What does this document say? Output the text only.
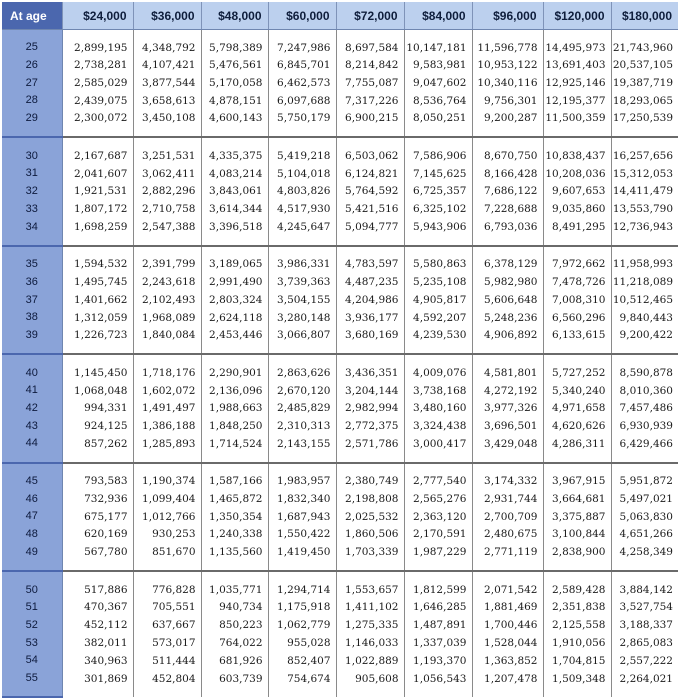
At age	$24,000	$36,000	$48,000	$60,000	$72,000	$84,000	$96,000	$120,000	$180,000
25	2,899,195	4,348,792	5,798,389	7,247,986	8,697,584	10,147,181	11,596,778	14,495,973	21,743,960
26	2,738,281	4,107,421	5,476,561	6,845,701	8,214,842	9,583,981	10,953,122	13,691,403	20,537,105
27	2,585,029	3,877,544	5,170,058	6,462,573	7,755,087	9,047,602	10,340,116	12,925,146	19,387,719
28	2,439,075	3,658,613	4,878,151	6,097,688	7,317,226	8,536,764	9,756,301	12,195,377	18,293,065
29	2,300,072	3,450,108	4,600,143	5,750,179	6,900,215	8,050,251	9,200,287	11,500,359	17,250,539
30	2,167,687	3,251,531	4,335,375	5,419,218	6,503,062	7,586,906	8,670,750	10,838,437	16,257,656
31	2,041,607	3,062,411	4,083,214	5,104,018	6,124,821	7,145,625	8,166,428	10,208,036	15,312,053
32	1,921,531	2,882,296	3,843,061	4,803,826	5,764,592	6,725,357	7,686,122	9,607,653	14,411,479
33	1,807,172	2,710,758	3,614,344	4,517,930	5,421,516	6,325,102	7,228,688	9,035,860	13,553,790
34	1,698,259	2,547,388	3,396,518	4,245,647	5,094,777	5,943,906	6,793,036	8,491,295	12,736,943
35	1,594,532	2,391,799	3,189,065	3,986,331	4,783,597	5,580,863	6,378,129	7,972,662	11,958,993
36	1,495,745	2,243,618	2,991,490	3,739,363	4,487,235	5,235,108	5,982,980	7,478,726	11,218,089
37	1,401,662	2,102,493	2,803,324	3,504,155	4,204,986	4,905,817	5,606,648	7,008,310	10,512,465
38	1,312,059	1,968,089	2,624,118	3,280,148	3,936,177	4,592,207	5,248,236	6,560,296	9,840,443
39	1,226,723	1,840,084	2,453,446	3,066,807	3,680,169	4,239,530	4,906,892	6,133,615	9,200,422
40	1,145,450	1,718,176	2,290,901	2,863,626	3,436,351	4,009,076	4,581,801	5,727,252	8,590,878
41	1,068,048	1,602,072	2,136,096	2,670,120	3,204,144	3,738,168	4,272,192	5,340,240	8,010,360
42	994,331	1,491,497	1,988,663	2,485,829	2,982,994	3,480,160	3,977,326	4,971,658	7,457,486
43	924,125	1,386,188	1,848,250	2,310,313	2,772,375	3,324,438	3,696,501	4,620,626	6,930,939
44	857,262	1,285,893	1,714,524	2,143,155	2,571,786	3,000,417	3,429,048	4,286,311	6,429,466
45	793,583	1,190,374	1,587,166	1,983,957	2,380,749	2,777,540	3,174,332	3,967,915	5,951,872
46	732,936	1,099,404	1,465,872	1,832,340	2,198,808	2,565,276	2,931,744	3,664,681	5,497,021
47	675,177	1,012,766	1,350,354	1,687,943	2,025,532	2,363,120	2,700,709	3,375,887	5,063,830
48	620,169	930,253	1,240,338	1,550,422	1,860,506	2,170,591	2,480,675	3,100,844	4,651,266
49	567,780	851,670	1,135,560	1,419,450	1,703,339	1,987,229	2,771,119	2,838,900	4,258,349
50	517,886	776,828	1,035,771	1,294,714	1,553,657	1,812,599	2,071,542	2,589,428	3,884,142
51	470,367	705,551	940,734	1,175,918	1,411,102	1,646,285	1,881,469	2,351,838	3,527,754
52	452,112	637,667	850,223	1,062,779	1,275,335	1,487,891	1,700,446	2,125,558	3,188,337
53	382,011	573,017	764,022	955,028	1,146,033	1,337,039	1,528,044	1,910,056	2,865,083
54	340,963	511,444	681,926	852,407	1,022,889	1,193,370	1,363,852	1,704,815	2,557,222
55	301,869	452,804	603,739	754,674	905,608	1,056,543	1,207,478	1,509,348	2,264,021
